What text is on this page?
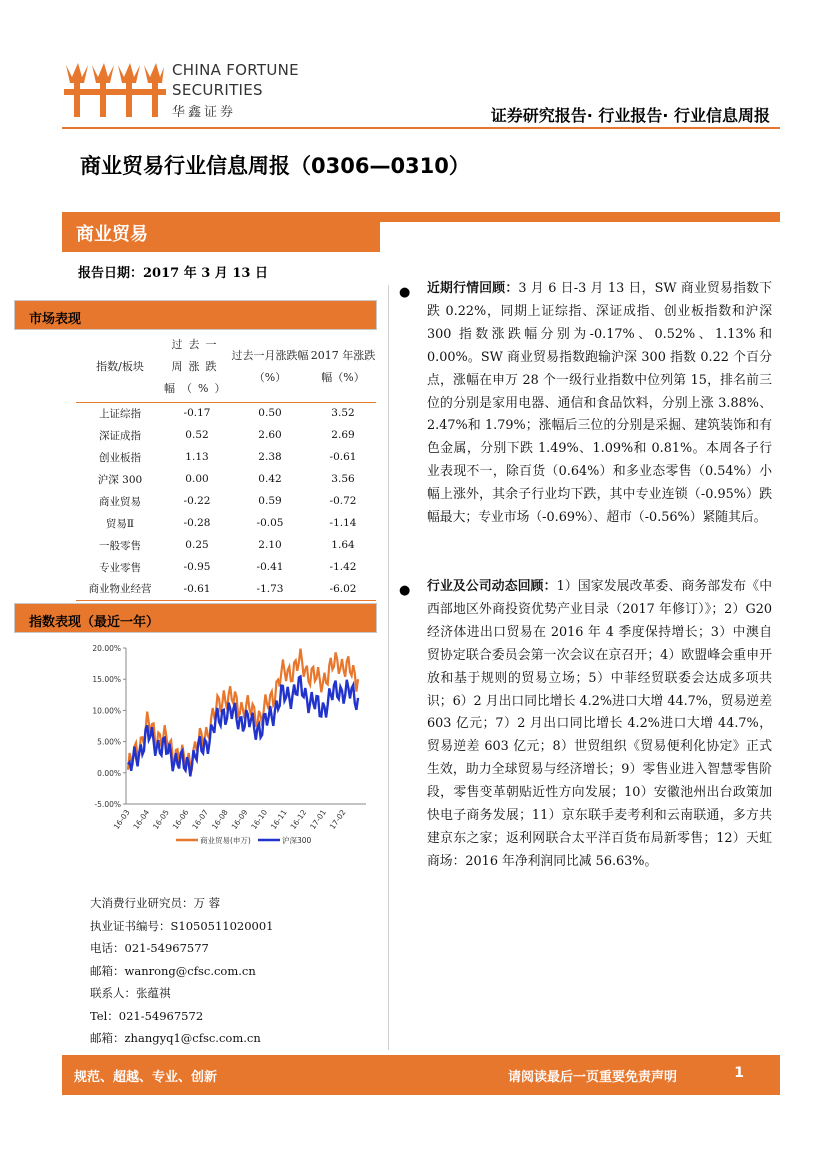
CHINA FORTUNE
SECURITIES
华鑫证券	证券研究报告· 行业报告· 行业信息周报
商业贸易行业信息周报（0306—0310）
商业贸易
报告日期：2017 年 3 月 13 日
市场表现
指数/板块	过去一周涨跌幅（%）	过去一月涨跌幅（%）	2017 年涨跌幅（%）
上证综指	-0.17	0.50	3.52
深证成指	0.52	2.60	2.69
创业板指	1.13	2.38	-0.61
沪深 300	0.00	0.42	3.56
商业贸易	-0.22	0.59	-0.72
贸易Ⅱ	-0.28	-0.05	-1.14
一般零售	0.25	2.10	1.64
专业零售	-0.95	-0.41	-1.42
商业物业经营	-0.61	-1.73	-6.02
指数表现（最近一年）
-5.00%
0.00%
5.00%
10.00%
15.00%
20.00%
16-03 16-04 16-05 16-06 16-07 16-08 16-09 16-10 16-11 16-12 17-01 17-02
商业贸易(申万)	沪深300
大消费行业研究员：万 蓉
执业证书编号：S1050511020001
电话：021-54967577
邮箱：wanrong@cfsc.com.cn
联系人：张蕴祺
Tel：021-54967572
邮箱：zhangyq1@cfsc.com.cn
● 近期行情回顾：3 月 6 日-3 月 13 日，SW 商业贸易指数下跌 0.22%，同期上证综指、深证成指、创业板指数和沪深 300 指数涨跌幅分别为-0.17%、0.52%、1.13%和 0.00%。SW 商业贸易指数跑输沪深 300 指数 0.22 个百分点，涨幅在申万 28 个一级行业指数中位列第 15，排名前三位的分别是家用电器、通信和食品饮料，分别上涨 3.88%、2.47%和 1.79%；涨幅后三位的分别是采掘、建筑装饰和有色金属，分别下跌 1.49%、1.09%和 0.81%。本周各子行业表现不一，除百货（0.64%）和多业态零售（0.54%）小幅上涨外，其余子行业均下跌，其中专业连锁（-0.95%）跌幅最大；专业市场（-0.69%）、超市（-0.56%）紧随其后。
● 行业及公司动态回顾：1）国家发展改革委、商务部发布《中西部地区外商投资优势产业目录（2017 年修订）》；2）G20 经济体进出口贸易在 2016 年 4 季度保持增长；3）中澳自贸协定联合委员会第一次会议在京召开；4）欧盟峰会重申开放和基于规则的贸易立场；5）中菲经贸联委会达成多项共识；6）2 月出口同比增长 4.2%进口大增 44.7%，贸易逆差 603 亿元；7）2 月出口同比增长 4.2%进口大增 44.7%，贸易逆差 603 亿元；8）世贸组织《贸易便利化协定》正式生效，助力全球贸易与经济增长；9）零售业进入智慧零售阶段，零售变革朝贴近性方向发展；10）安徽池州出台政策加快电子商务发展；11）京东联手麦考利和云南联通，多方共建京东之家；返利网联合太平洋百货布局新零售；12）天虹商场：2016 年净利润同比减 56.63%。
规范、超越、专业、创新	请阅读最后一页重要免责声明	1
